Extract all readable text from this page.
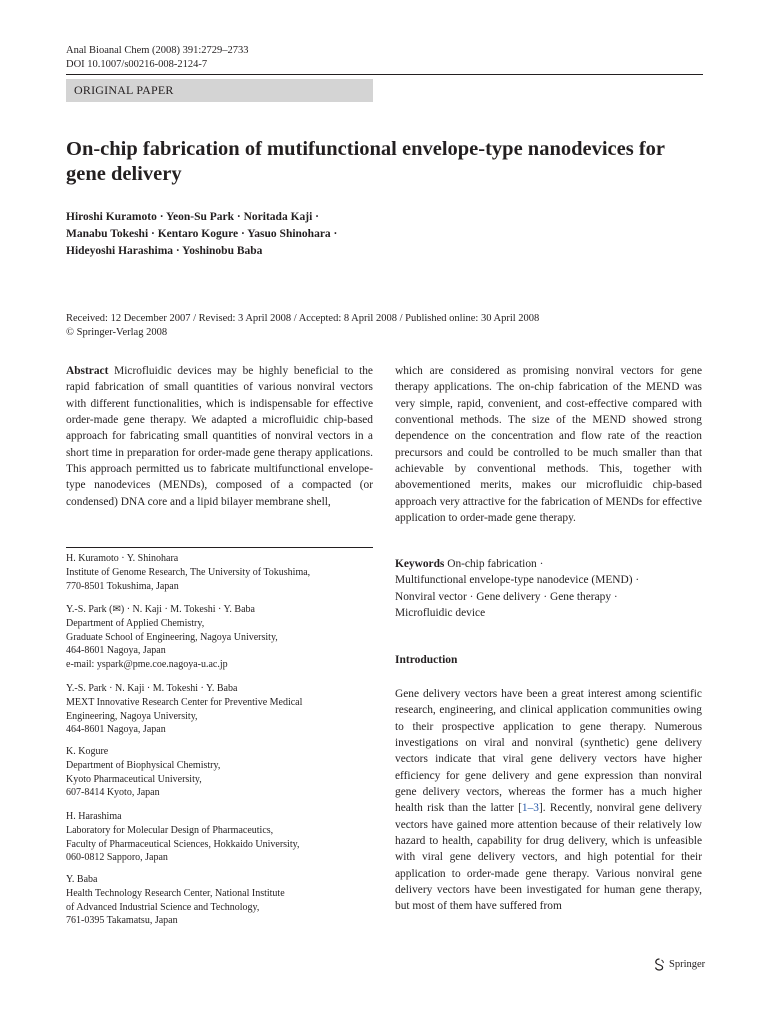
Anal Bioanal Chem (2008) 391:2729–2733
DOI 10.1007/s00216-008-2124-7
ORIGINAL PAPER
On-chip fabrication of mutifunctional envelope-type nanodevices for gene delivery
Hiroshi Kuramoto · Yeon-Su Park · Noritada Kaji ·
Manabu Tokeshi · Kentaro Kogure · Yasuo Shinohara ·
Hideyoshi Harashima · Yoshinobu Baba
Received: 12 December 2007 / Revised: 3 April 2008 / Accepted: 8 April 2008 / Published online: 30 April 2008
© Springer-Verlag 2008
Abstract Microfluidic devices may be highly beneficial to the rapid fabrication of small quantities of various nonviral vectors with different functionalities, which is indispensable for effective order-made gene therapy. We adapted a microfluidic chip-based approach for fabricating small quantities of nonviral vectors in a short time in preparation for order-made gene therapy applications. This approach permitted us to fabricate multifunctional envelope-type nanodevices (MENDs), composed of a compacted (or condensed) DNA core and a lipid bilayer membrane shell,
which are considered as promising nonviral vectors for gene therapy applications. The on-chip fabrication of the MEND was very simple, rapid, convenient, and cost-effective compared with conventional methods. The size of the MEND showed strong dependence on the concentration and flow rate of the reaction precursors and could be controlled to be much smaller than that achievable by conventional methods. This, together with abovementioned merits, makes our microfluidic chip-based approach very attractive for the fabrication of MENDs for effective application to order-made gene therapy.
H. Kuramoto · Y. Shinohara
Institute of Genome Research, The University of Tokushima,
770-8501 Tokushima, Japan
Y.-S. Park (✉) · N. Kaji · M. Tokeshi · Y. Baba
Department of Applied Chemistry,
Graduate School of Engineering, Nagoya University,
464-8601 Nagoya, Japan
e-mail: yspark@pme.coe.nagoya-u.ac.jp
Y.-S. Park · N. Kaji · M. Tokeshi · Y. Baba
MEXT Innovative Research Center for Preventive Medical
Engineering, Nagoya University,
464-8601 Nagoya, Japan
K. Kogure
Department of Biophysical Chemistry,
Kyoto Pharmaceutical University,
607-8414 Kyoto, Japan
H. Harashima
Laboratory for Molecular Design of Pharmaceutics,
Faculty of Pharmaceutical Sciences, Hokkaido University,
060-0812 Sapporo, Japan
Y. Baba
Health Technology Research Center, National Institute
of Advanced Industrial Science and Technology,
761-0395 Takamatsu, Japan
Keywords On-chip fabrication ·
Multifunctional envelope-type nanodevice (MEND) ·
Nonviral vector · Gene delivery · Gene therapy ·
Microfluidic device
Introduction
Gene delivery vectors have been a great interest among scientific research, engineering, and clinical application communities owing to their prospective application to gene therapy. Numerous investigations on viral and nonviral (synthetic) gene delivery vectors indicate that viral gene delivery vectors have higher efficiency for gene delivery and gene expression than nonviral gene delivery vectors, whereas the former has a much higher health risk than the latter [1–3]. Recently, nonviral gene delivery vectors have gained more attention because of their relatively low hazard to health, capability for drug delivery, which is unfeasible with viral gene delivery vectors, and high potential for their application to order-made gene therapy. Various nonviral gene delivery vectors have been investigated for human gene therapy, but most of them have suffered from
Springer
